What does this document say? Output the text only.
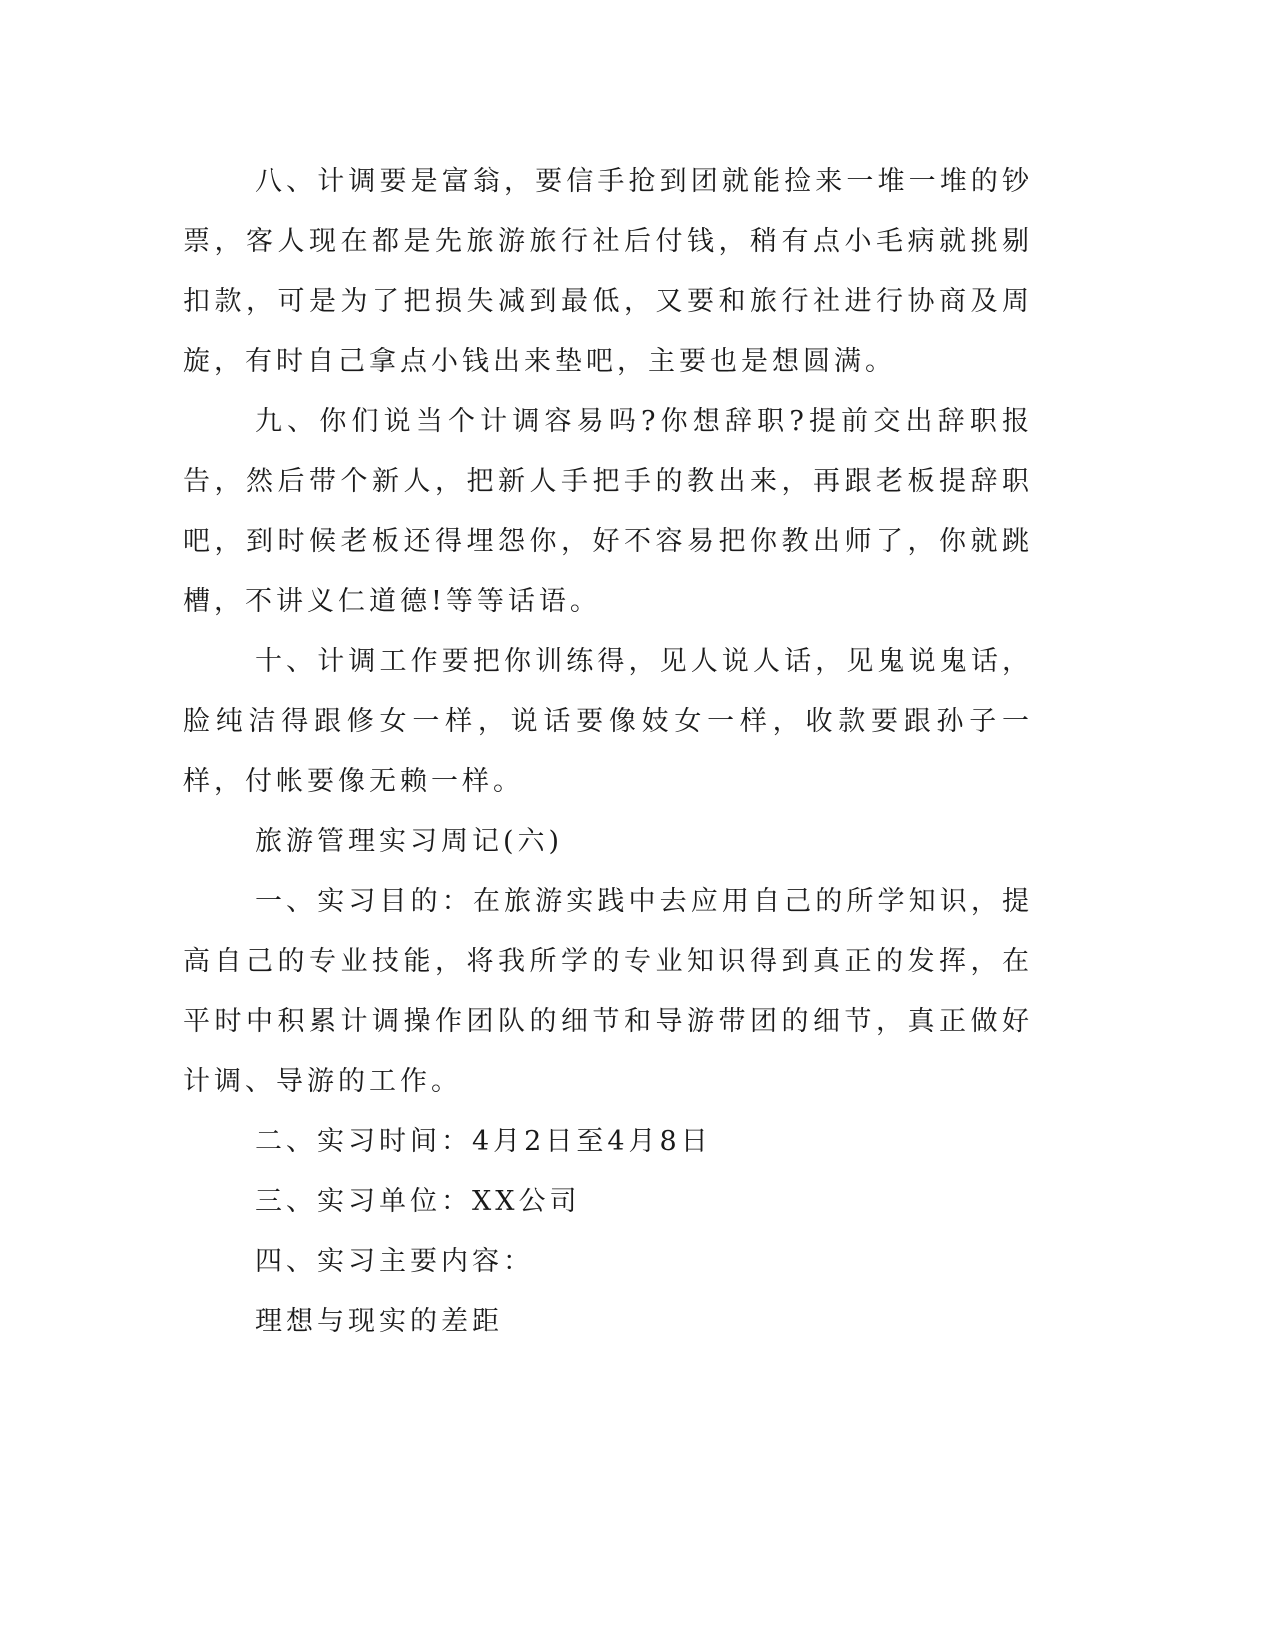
八、计调要是富翁，要信手抢到团就能捡来一堆一堆的钞票，客人现在都是先旅游旅行社后付钱，稍有点小毛病就挑剔扣款，可是为了把损失减到最低，又要和旅行社进行协商及周旋，有时自己拿点小钱出来垫吧，主要也是想圆满。

九、你们说当个计调容易吗?你想辞职?提前交出辞职报告，然后带个新人，把新人手把手的教出来，再跟老板提辞职吧，到时候老板还得埋怨你，好不容易把你教出师了，你就跳槽，不讲义仁道德!等等话语。

十、计调工作要把你训练得，见人说人话，见鬼说鬼话，脸纯洁得跟修女一样，说话要像妓女一样，收款要跟孙子一样，付帐要像无赖一样。

旅游管理实习周记(六)

一、实习目的：在旅游实践中去应用自己的所学知识，提高自己的专业技能，将我所学的专业知识得到真正的发挥，在平时中积累计调操作团队的细节和导游带团的细节，真正做好计调、导游的工作。

二、实习时间：4月2日至4月8日

三、实习单位：XX公司

四、实习主要内容：

理想与现实的差距
